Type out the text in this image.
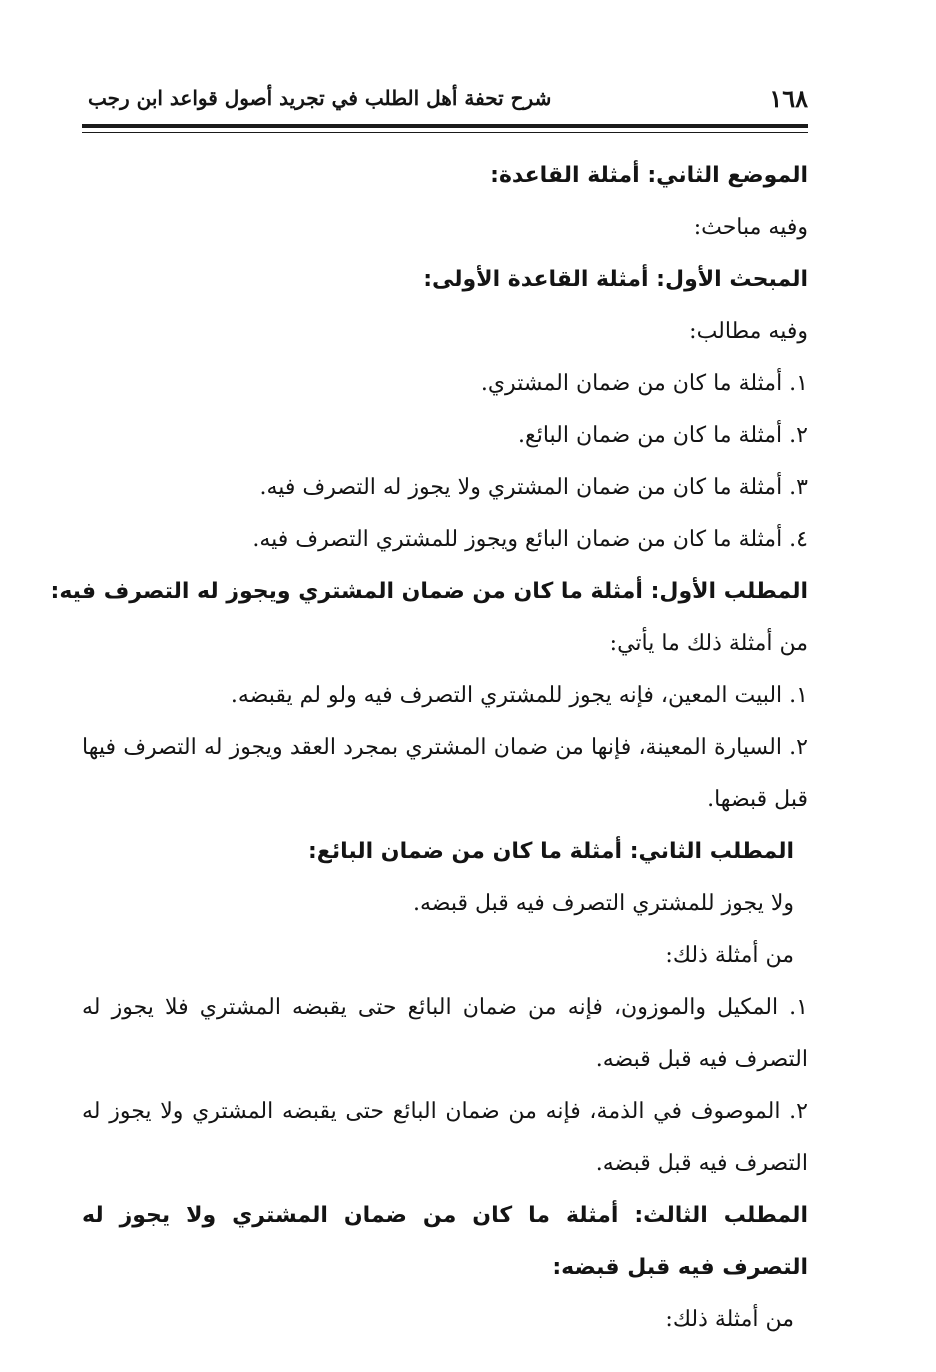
١٦٨
شرح تحفة أهل الطلب في تجريد أصول قواعد ابن رجب

الموضع الثاني: أمثلة القاعدة:

وفيه مباحث:

المبحث الأول: أمثلة القاعدة الأولى:

وفيه مطالب:

١. أمثلة ما كان من ضمان المشتري.

٢. أمثلة ما كان من ضمان البائع.

٣. أمثلة ما كان من ضمان المشتري ولا يجوز له التصرف فيه.

٤. أمثلة ما كان من ضمان البائع ويجوز للمشتري التصرف فيه.

المطلب الأول: أمثلة ما كان من ضمان المشتري ويجوز له التصرف فيه:

من أمثلة ذلك ما يأتي:

١. البيت المعين، فإنه يجوز للمشتري التصرف فيه ولو لم يقبضه.

٢. السيارة المعينة، فإنها من ضمان المشتري بمجرد العقد ويجوز له التصرف فيها قبل قبضها.

المطلب الثاني: أمثلة ما كان من ضمان البائع:

ولا يجوز للمشتري التصرف فيه قبل قبضه.

من أمثلة ذلك:

١. المكيل والموزون، فإنه من ضمان البائع حتى يقبضه المشتري فلا يجوز له التصرف فيه قبل قبضه.

٢. الموصوف في الذمة، فإنه من ضمان البائع حتى يقبضه المشتري ولا يجوز له التصرف فيه قبل قبضه.

المطلب الثالث: أمثلة ما كان من ضمان المشتري ولا يجوز له التصرف فيه قبل قبضه:

من أمثلة ذلك:
